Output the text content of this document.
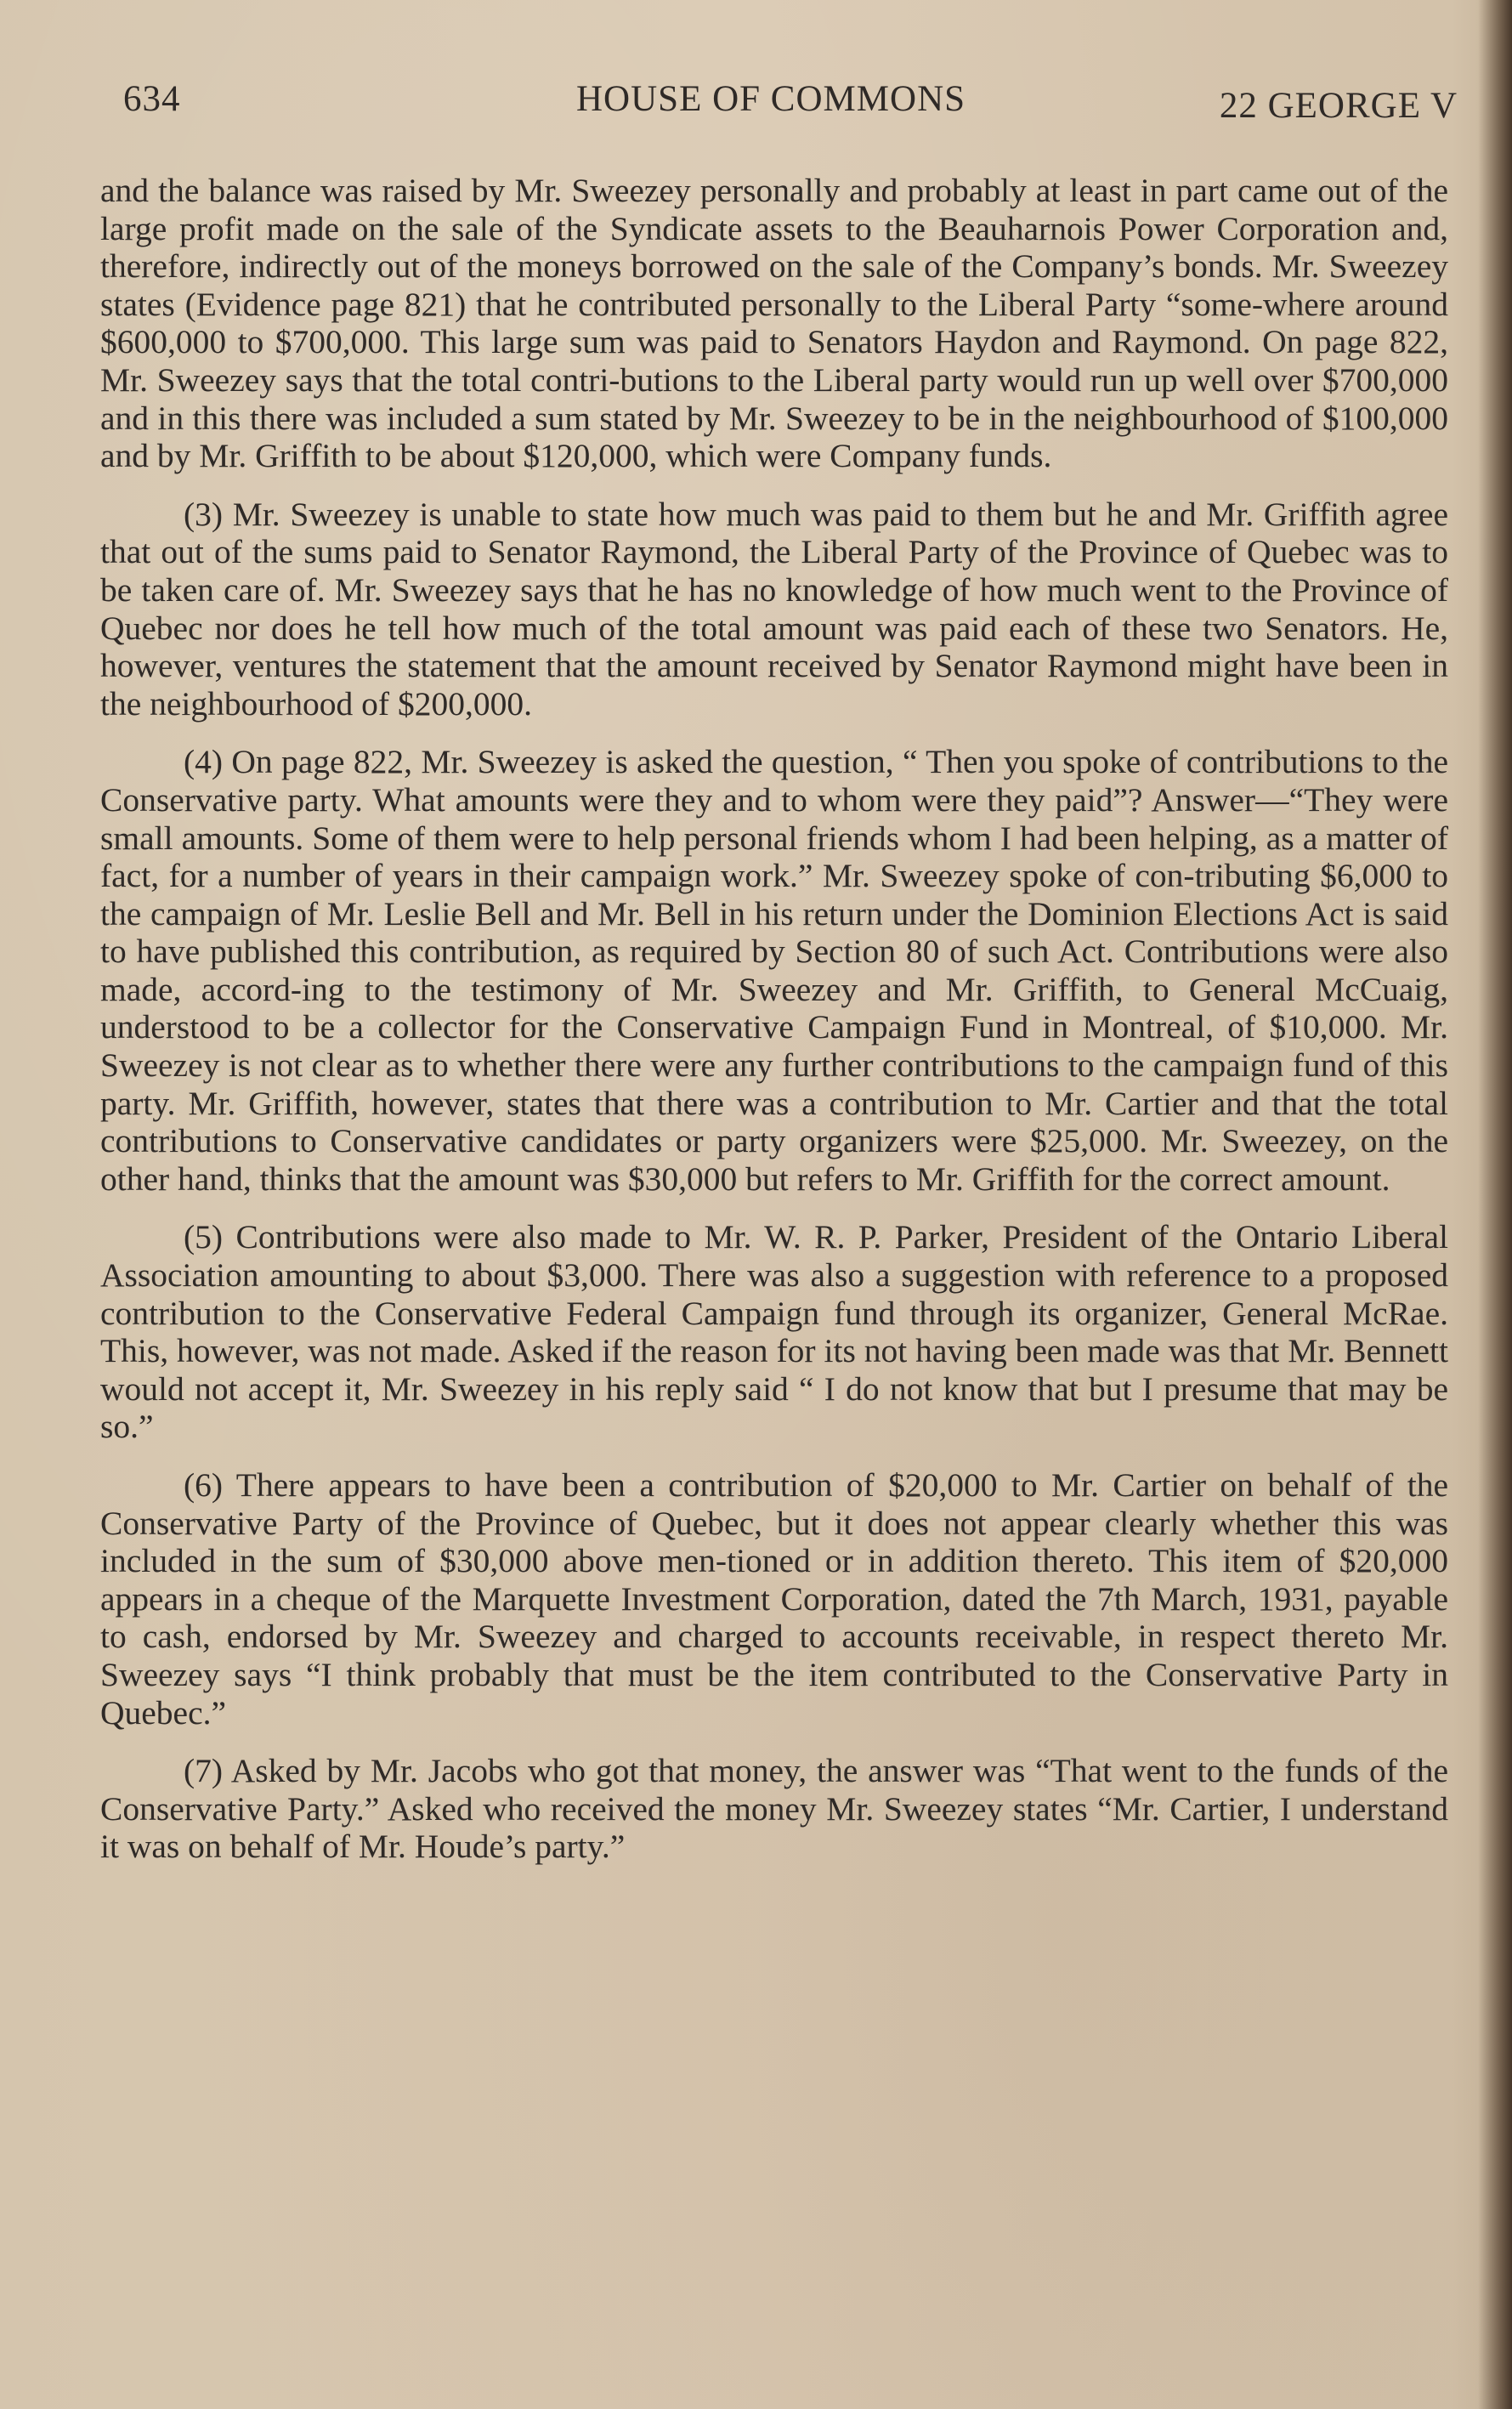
634	HOUSE OF COMMONS	22 GEORGE V

and the balance was raised by Mr. Sweezey personally and probably at least in part came out of the large profit made on the sale of the Syndicate assets to the Beauharnois Power Corporation and, therefore, indirectly out of the moneys borrowed on the sale of the Company’s bonds. Mr. Sweezey states (Evidence page 821) that he contributed personally to the Liberal Party “some-where around $600,000 to $700,000. This large sum was paid to Senators Haydon and Raymond. On page 822, Mr. Sweezey says that the total contri-butions to the Liberal party would run up well over $700,000 and in this there was included a sum stated by Mr. Sweezey to be in the neighbourhood of $100,000 and by Mr. Griffith to be about $120,000, which were Company funds.

(3) Mr. Sweezey is unable to state how much was paid to them but he and Mr. Griffith agree that out of the sums paid to Senator Raymond, the Liberal Party of the Province of Quebec was to be taken care of. Mr. Sweezey says that he has no knowledge of how much went to the Province of Quebec nor does he tell how much of the total amount was paid each of these two Senators. He, however, ventures the statement that the amount received by Senator Raymond might have been in the neighbourhood of $200,000.

(4) On page 822, Mr. Sweezey is asked the question, “ Then you spoke of contributions to the Conservative party. What amounts were they and to whom were they paid”? Answer—“They were small amounts. Some of them were to help personal friends whom I had been helping, as a matter of fact, for a number of years in their campaign work.” Mr. Sweezey spoke of con-tributing $6,000 to the campaign of Mr. Leslie Bell and Mr. Bell in his return under the Dominion Elections Act is said to have published this contribution, as required by Section 80 of such Act. Contributions were also made, accord-ing to the testimony of Mr. Sweezey and Mr. Griffith, to General McCuaig, understood to be a collector for the Conservative Campaign Fund in Montreal, of $10,000. Mr. Sweezey is not clear as to whether there were any further contributions to the campaign fund of this party. Mr. Griffith, however, states that there was a contribution to Mr. Cartier and that the total contributions to Conservative candidates or party organizers were $25,000. Mr. Sweezey, on the other hand, thinks that the amount was $30,000 but refers to Mr. Griffith for the correct amount.

(5) Contributions were also made to Mr. W. R. P. Parker, President of the Ontario Liberal Association amounting to about $3,000. There was also a suggestion with reference to a proposed contribution to the Conservative Federal Campaign fund through its organizer, General McRae. This, however, was not made. Asked if the reason for its not having been made was that Mr. Bennett would not accept it, Mr. Sweezey in his reply said “ I do not know that but I presume that may be so.”

(6) There appears to have been a contribution of $20,000 to Mr. Cartier on behalf of the Conservative Party of the Province of Quebec, but it does not appear clearly whether this was included in the sum of $30,000 above men-tioned or in addition thereto. This item of $20,000 appears in a cheque of the Marquette Investment Corporation, dated the 7th March, 1931, payable to cash, endorsed by Mr. Sweezey and charged to accounts receivable, in respect thereto Mr. Sweezey says “I think probably that must be the item contributed to the Conservative Party in Quebec.”

(7) Asked by Mr. Jacobs who got that money, the answer was “That went to the funds of the Conservative Party.” Asked who received the money Mr. Sweezey states “Mr. Cartier, I understand it was on behalf of Mr. Houde’s party.”
